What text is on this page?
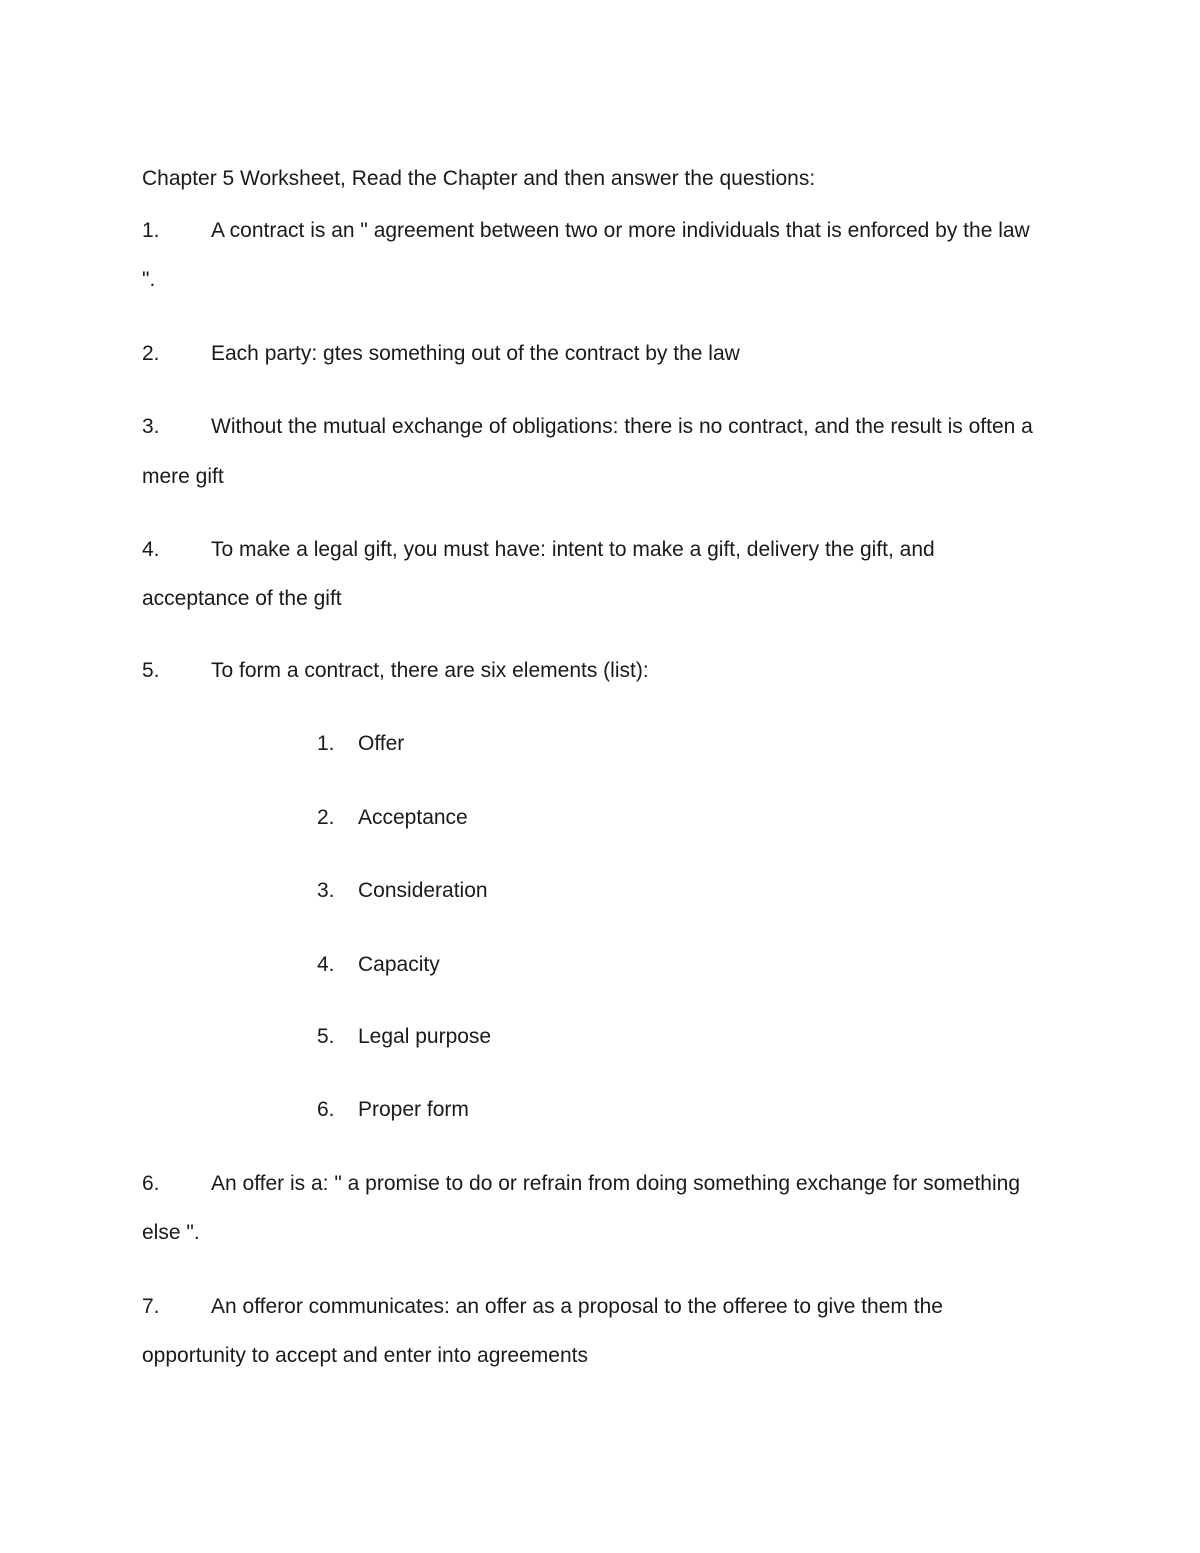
Chapter 5 Worksheet, Read the Chapter and then answer the questions:
1. A contract is an " agreement between two or more individuals that is enforced by the law
".
2. Each party: gtes something out of the contract by the law
3. Without the mutual exchange of obligations: there is no contract, and the result is often a
mere gift
4. To make a legal gift, you must have: intent to make a gift, delivery the gift, and
acceptance of the gift
5. To form a contract, there are six elements (list):
1. Offer
2. Acceptance
3. Consideration
4. Capacity
5. Legal purpose
6. Proper form
6. An offer is a: " a promise to do or refrain from doing something exchange for something
else ".
7. An offeror communicates: an offer as a proposal to the offeree to give them the
opportunity to accept and enter into agreements
